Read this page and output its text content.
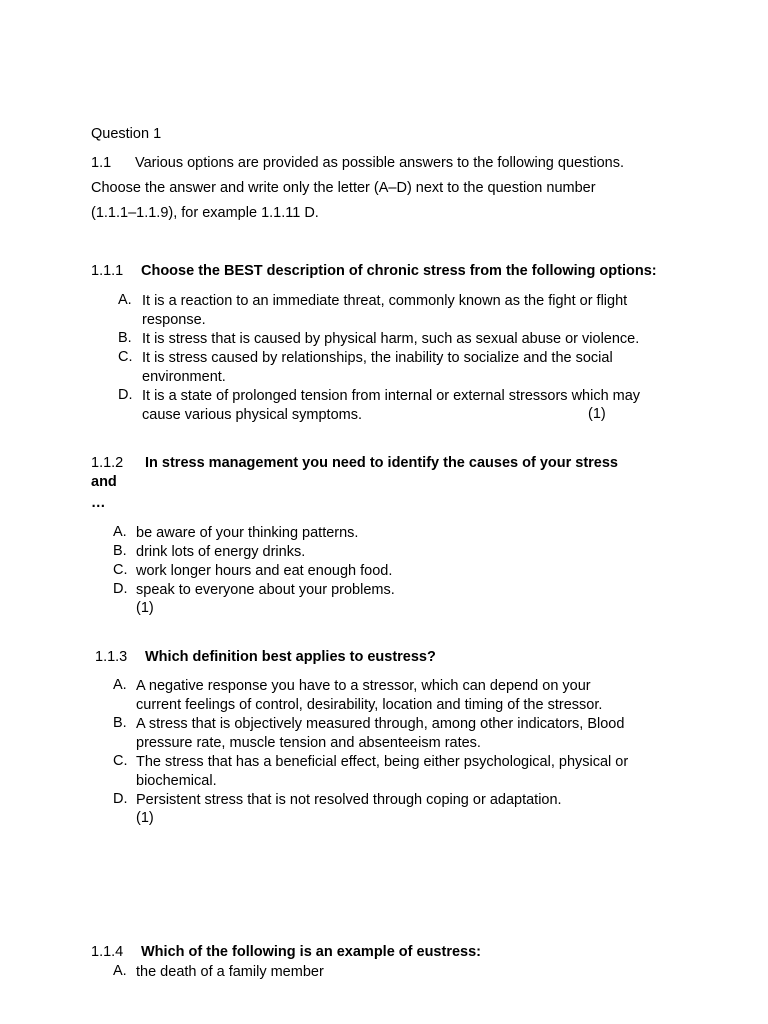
Question 1
1.1 Various options are provided as possible answers to the following questions.
Choose the answer and write only the letter (A–D) next to the question number
(1.1.1–1.1.9), for example 1.1.11 D.
1.1.1 Choose the BEST description of chronic stress from the following options:
A. It is a reaction to an immediate threat, commonly known as the fight or flight
response.
B. It is stress that is caused by physical harm, such as sexual abuse or violence.
C. It is stress caused by relationships, the inability to socialize and the social
environment.
D. It is a state of prolonged tension from internal or external stressors which may
cause various physical symptoms.	(1)
1.1.2 In stress management you need to identify the causes of your stress
and
…
A. be aware of your thinking patterns.
B. drink lots of energy drinks.
C. work longer hours and eat enough food.
D. speak to everyone about your problems.
(1)
1.1.3 Which definition best applies to eustress?
A. A negative response you have to a stressor, which can depend on your
current feelings of control, desirability, location and timing of the stressor.
B. A stress that is objectively measured through, among other indicators, Blood
pressure rate, muscle tension and absenteeism rates.
C. The stress that has a beneficial effect, being either psychological, physical or
biochemical.
D. Persistent stress that is not resolved through coping or adaptation.
(1)
1.1.4 Which of the following is an example of eustress:
A. the death of a family member
